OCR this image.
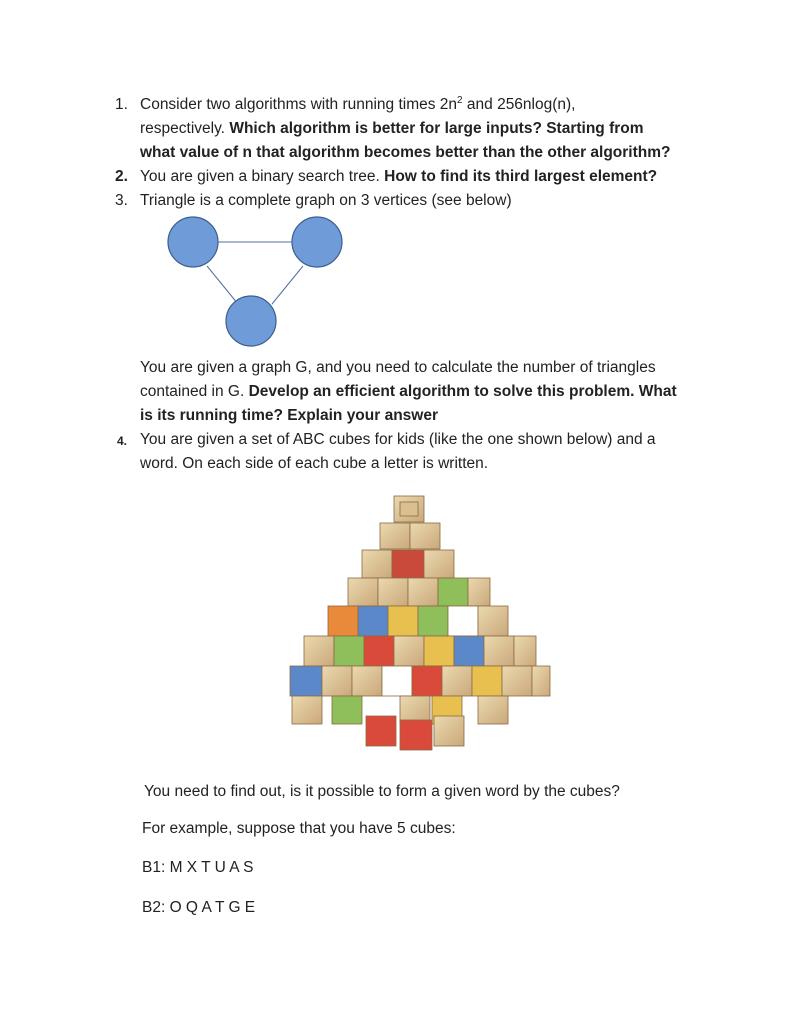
1. Consider two algorithms with running times $2n^2$ and 256nlog(n),
respectively. Which algorithm is better for large inputs? Starting from
what value of n that algorithm becomes better than the other algorithm?
2. You are given a binary search tree. How to find its third largest element?
3. Triangle is a complete graph on 3 vertices (see below)
You are given a graph G, and you need to calculate the number of triangles
contained in G. Develop an efficient algorithm to solve this problem. What
is its running time? Explain your answer
4. You are given a set of ABC cubes for kids (like the one shown below) and a
word. On each side of each cube a letter is written.
You need to find out, is it possible to form a given word by the cubes?
For example, suppose that you have 5 cubes:
B1: M X T U A S
B2: O Q A T G E
